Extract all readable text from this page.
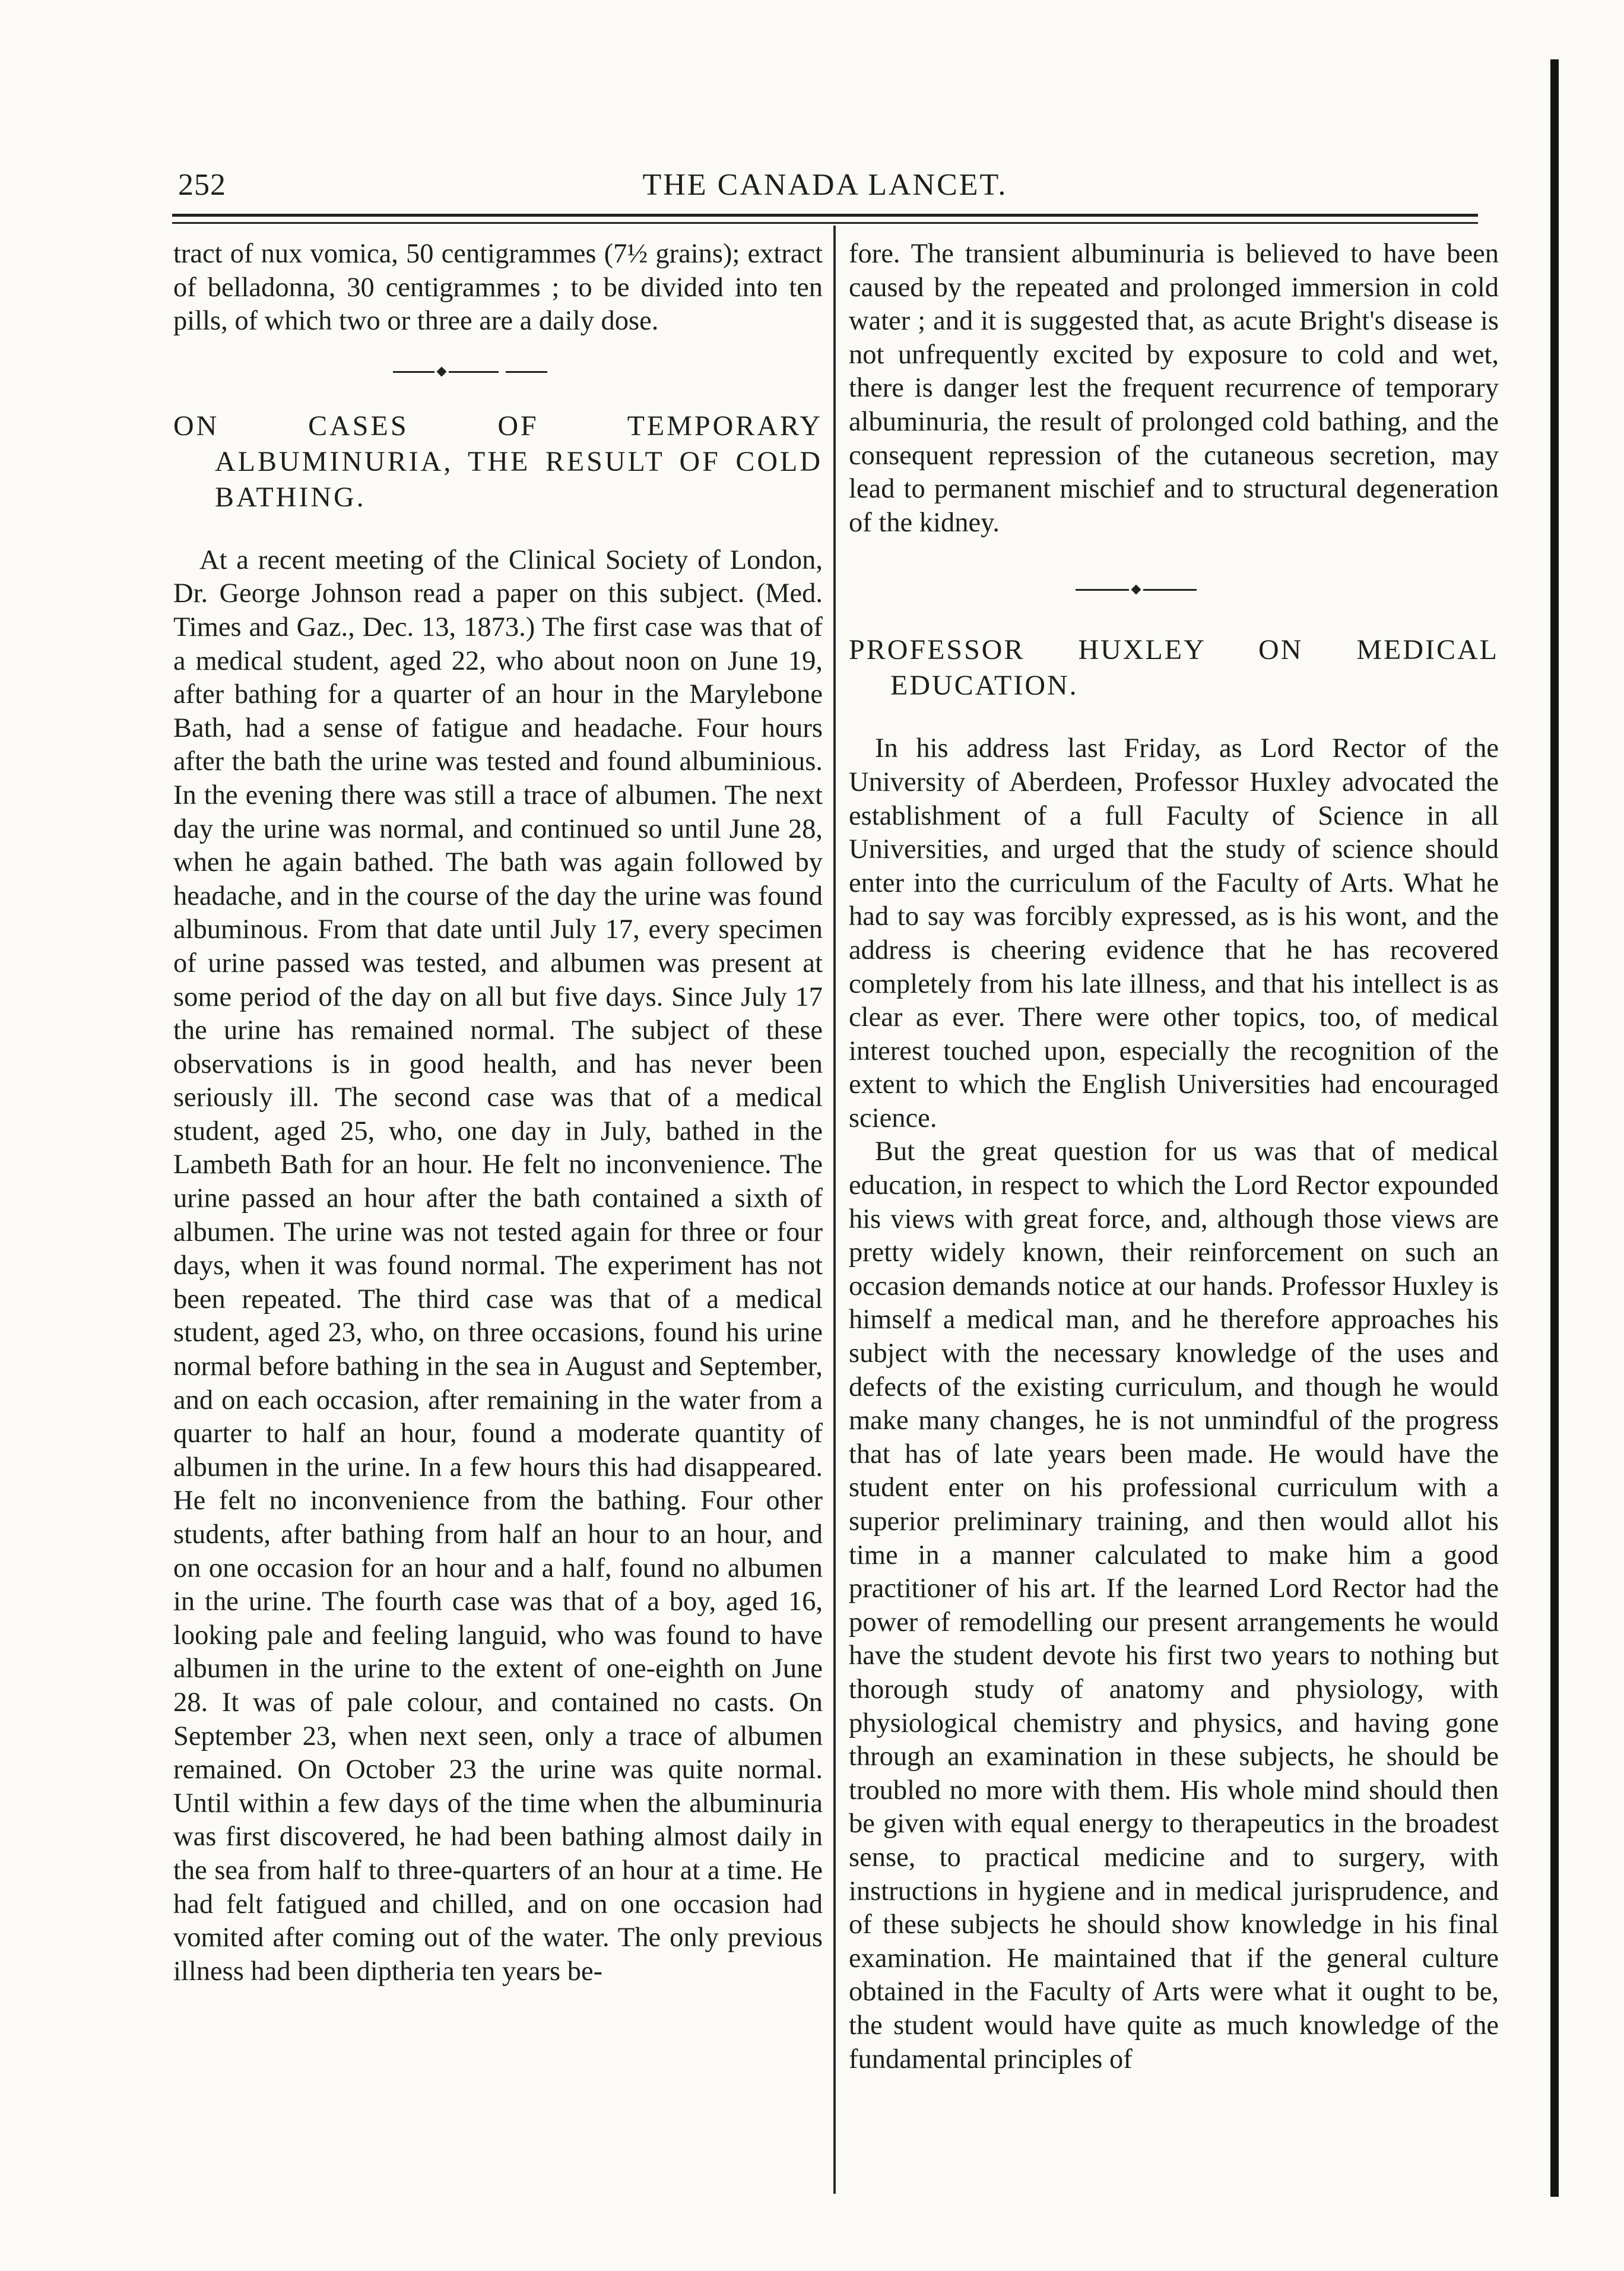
252	THE CANADA LANCET.

tract of nux vomica, 50 centigrammes (7½ grains); extract of belladonna, 30 centigrammes ; to be divided into ten pills, of which two or three are a daily dose.

ON CASES OF TEMPORARY ALBUMINURIA, THE RESULT OF COLD BATHING.

At a recent meeting of the Clinical Society of London, Dr. George Johnson read a paper on this subject. (Med. Times and Gaz., Dec. 13, 1873.) The first case was that of a medical student, aged 22, who about noon on June 19, after bathing for a quarter of an hour in the Marylebone Bath, had a sense of fatigue and headache. Four hours after the bath the urine was tested and found albuminious. In the evening there was still a trace of albumen. The next day the urine was normal, and continued so until June 28, when he again bathed. The bath was again followed by headache, and in the course of the day the urine was found albuminous. From that date until July 17, every specimen of urine passed was tested, and albumen was present at some period of the day on all but five days. Since July 17 the urine has remained normal. The subject of these observations is in good health, and has never been seriously ill. The second case was that of a medical student, aged 25, who, one day in July, bathed in the Lambeth Bath for an hour. He felt no inconvenience. The urine passed an hour after the bath contained a sixth of albumen. The urine was not tested again for three or four days, when it was found normal. The experiment has not been repeated. The third case was that of a medical student, aged 23, who, on three occasions, found his urine normal before bathing in the sea in August and September, and on each occasion, after remaining in the water from a quarter to half an hour, found a moderate quantity of albumen in the urine. In a few hours this had disappeared. He felt no inconvenience from the bathing. Four other students, after bathing from half an hour to an hour, and on one occasion for an hour and a half, found no albumen in the urine. The fourth case was that of a boy, aged 16, looking pale and feeling languid, who was found to have albumen in the urine to the extent of one-eighth on June 28. It was of pale colour, and contained no casts. On September 23, when next seen, only a trace of albumen remained. On October 23 the urine was quite normal. Until within a few days of the time when the albuminuria was first discovered, he had been bathing almost daily in the sea from half to three-quarters of an hour at a time. He had felt fatigued and chilled, and on one occasion had vomited after coming out of the water. The only previous illness had been diptheria ten years be-

fore. The transient albuminuria is believed to have been caused by the repeated and prolonged immersion in cold water ; and it is suggested that, as acute Bright's disease is not unfrequently excited by exposure to cold and wet, there is danger lest the frequent recurrence of temporary albuminuria, the result of prolonged cold bathing, and the consequent repression of the cutaneous secretion, may lead to permanent mischief and to structural degeneration of the kidney.

PROFESSOR HUXLEY ON MEDICAL EDUCATION.

In his address last Friday, as Lord Rector of the University of Aberdeen, Professor Huxley advocated the establishment of a full Faculty of Science in all Universities, and urged that the study of science should enter into the curriculum of the Faculty of Arts. What he had to say was forcibly expressed, as is his wont, and the address is cheering evidence that he has recovered completely from his late illness, and that his intellect is as clear as ever. There were other topics, too, of medical interest touched upon, especially the recognition of the extent to which the English Universities had encouraged science.

But the great question for us was that of medical education, in respect to which the Lord Rector expounded his views with great force, and, although those views are pretty widely known, their reinforcement on such an occasion demands notice at our hands. Professor Huxley is himself a medical man, and he therefore approaches his subject with the necessary knowledge of the uses and defects of the existing curriculum, and though he would make many changes, he is not unmindful of the progress that has of late years been made. He would have the student enter on his professional curriculum with a superior preliminary training, and then would allot his time in a manner calculated to make him a good practitioner of his art. If the learned Lord Rector had the power of remodelling our present arrangements he would have the student devote his first two years to nothing but thorough study of anatomy and physiology, with physiological chemistry and physics, and having gone through an examination in these subjects, he should be troubled no more with them. His whole mind should then be given with equal energy to therapeutics in the broadest sense, to practical medicine and to surgery, with instructions in hygiene and in medical jurisprudence, and of these subjects he should show knowledge in his final examination. He maintained that if the general culture obtained in the Faculty of Arts were what it ought to be, the student would have quite as much knowledge of the fundamental principles of
